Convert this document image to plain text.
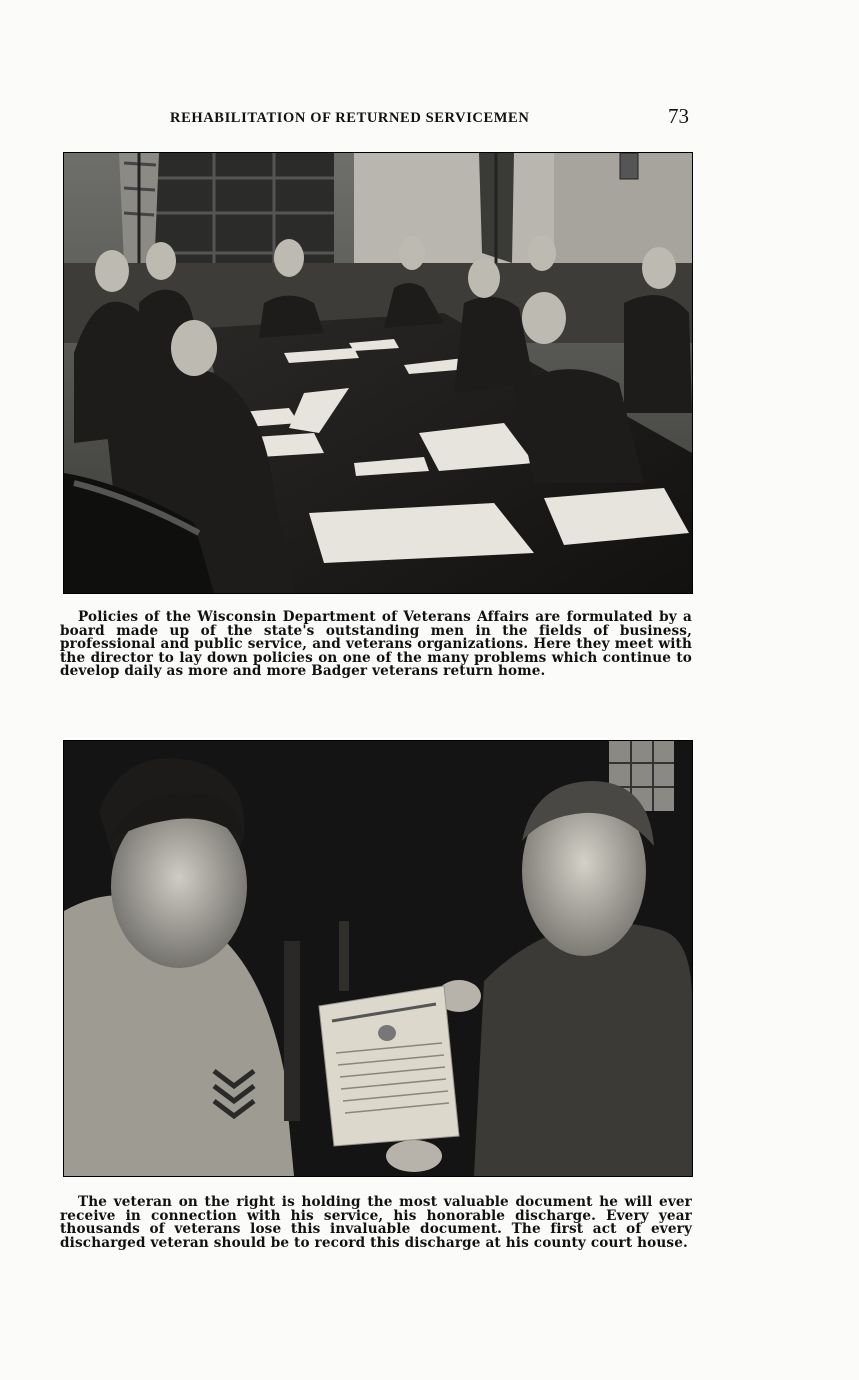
REHABILITATION OF RETURNED SERVICEMEN	73

Policies of the Wisconsin Department of Veterans Affairs are formulated by a board made up of the state's outstanding men in the fields of business, professional and public service, and veterans organizations. Here they meet with the director to lay down policies on one of the many problems which continue to develop daily as more and more Badger veterans return home.

The veteran on the right is holding the most valuable document he will ever receive in connection with his service, his honorable discharge. Every year thousands of veterans lose this invaluable document. The first act of every discharged veteran should be to record this discharge at his county court house.
